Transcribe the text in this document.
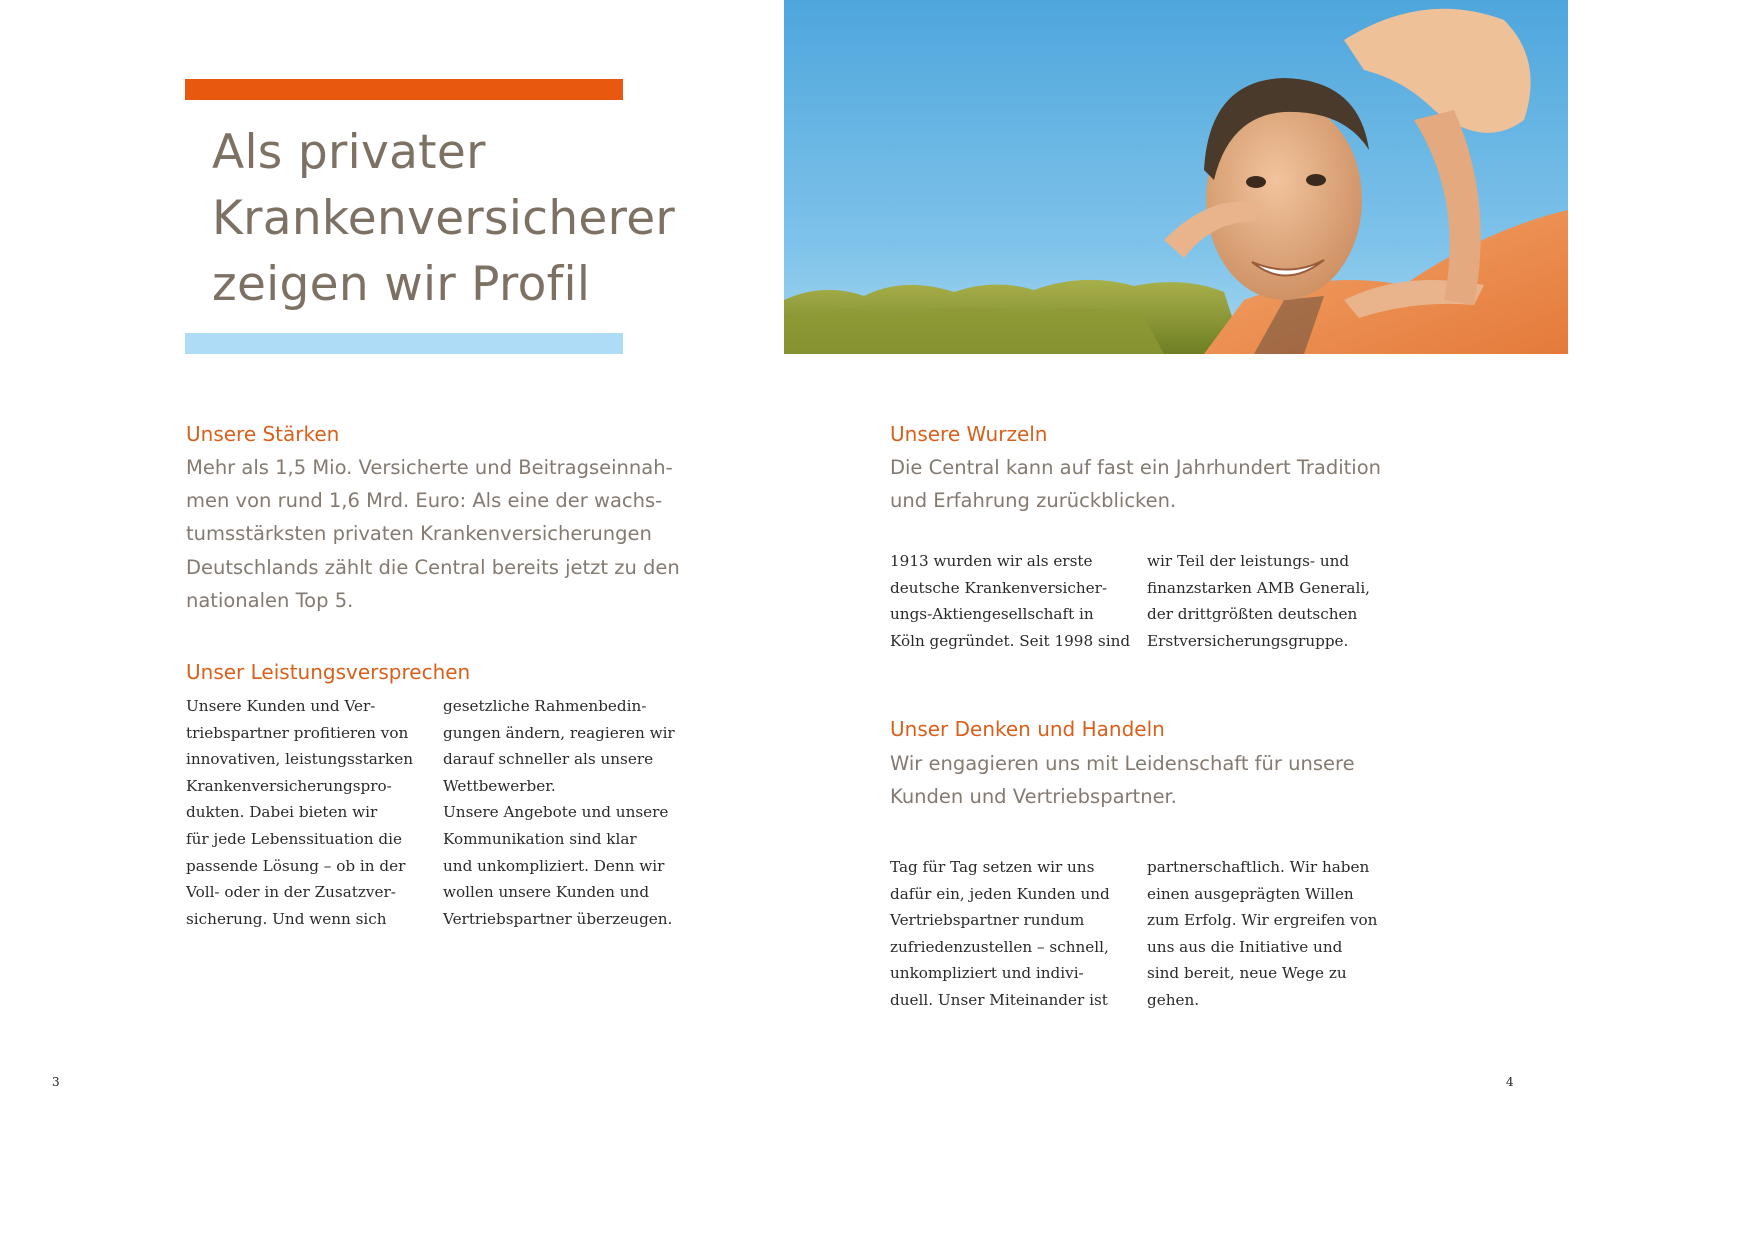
Als privater
Krankenversicherer
zeigen wir Profil
Unsere Stärken
Mehr als 1,5 Mio. Versicherte und Beitragseinnah-
men von rund 1,6 Mrd. Euro: Als eine der wachs-
tumsstärksten privaten Krankenversicherungen
Deutschlands zählt die Central bereits jetzt zu den
nationalen Top 5.
Unser Leistungsversprechen
Unsere Kunden und Ver-
triebspartner profitieren von
innovativen, leistungsstarken
Krankenversicherungspro-
dukten. Dabei bieten wir
für jede Lebenssituation die
passende Lösung – ob in der
Voll- oder in der Zusatzver-
sicherung. Und wenn sich
gesetzliche Rahmenbedin-
gungen ändern, reagieren wir
darauf schneller als unsere
Wettbewerber.
Unsere Angebote und unsere
Kommunikation sind klar
und unkompliziert. Denn wir
wollen unsere Kunden und
Vertriebspartner überzeugen.
Unsere Wurzeln
Die Central kann auf fast ein Jahrhundert Tradition
und Erfahrung zurückblicken.
1913 wurden wir als erste
deutsche Krankenversicher-
ungs-Aktiengesellschaft in
Köln gegründet. Seit 1998 sind
wir Teil der leistungs- und
finanzstarken AMB Generali,
der drittgrößten deutschen
Erstversicherungsgruppe.
Unser Denken und Handeln
Wir engagieren uns mit Leidenschaft für unsere
Kunden und Vertriebspartner.
Tag für Tag setzen wir uns
dafür ein, jeden Kunden und
Vertriebspartner rundum
zufriedenzustellen – schnell,
unkompliziert und indivi-
duell. Unser Miteinander ist
partnerschaftlich. Wir haben
einen ausgeprägten Willen
zum Erfolg. Wir ergreifen von
uns aus die Initiative und
sind bereit, neue Wege zu
gehen.
3	4
